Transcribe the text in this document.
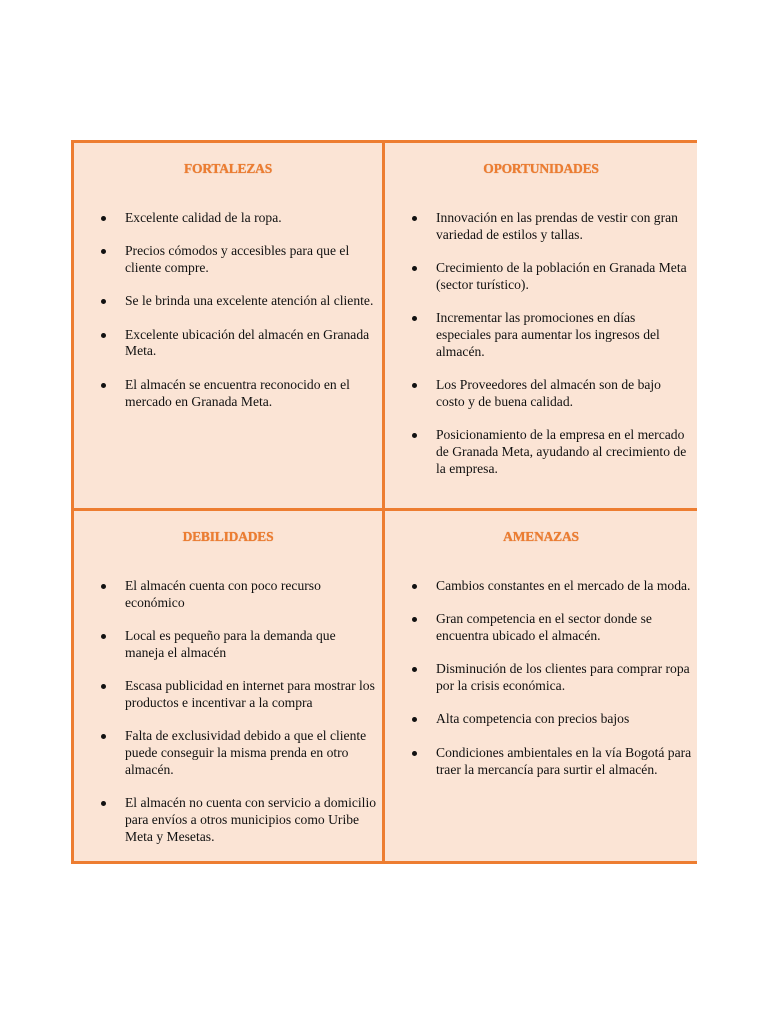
FORTALEZAS
Excelente calidad de la ropa.
Precios cómodos y accesibles para que el cliente compre.
Se le brinda una excelente atención al cliente.
Excelente ubicación del almacén en Granada Meta.
El almacén se encuentra reconocido en el mercado en Granada Meta.
OPORTUNIDADES
Innovación en las prendas de vestir con gran variedad de estilos y tallas.
Crecimiento de la población en Granada Meta (sector turístico).
Incrementar las promociones en días especiales para aumentar los ingresos del almacén.
Los Proveedores del almacén son de bajo costo y de buena calidad.
Posicionamiento de la empresa en el mercado de Granada Meta, ayudando al crecimiento de la empresa.
DEBILIDADES
El almacén cuenta con poco recurso económico
Local es pequeño para la demanda que maneja el almacén
Escasa publicidad en internet para mostrar los productos e incentivar a la compra
Falta de exclusividad debido a que el cliente puede conseguir la misma prenda en otro almacén.
El almacén no cuenta con servicio a domicilio para envíos a otros municipios como Uribe Meta y Mesetas.
AMENAZAS
Cambios constantes en el mercado de la moda.
Gran competencia en el sector donde se encuentra ubicado el almacén.
Disminución de los clientes para comprar ropa por la crisis económica.
Alta competencia con precios bajos
Condiciones ambientales en la vía Bogotá para traer la mercancía para surtir el almacén.
